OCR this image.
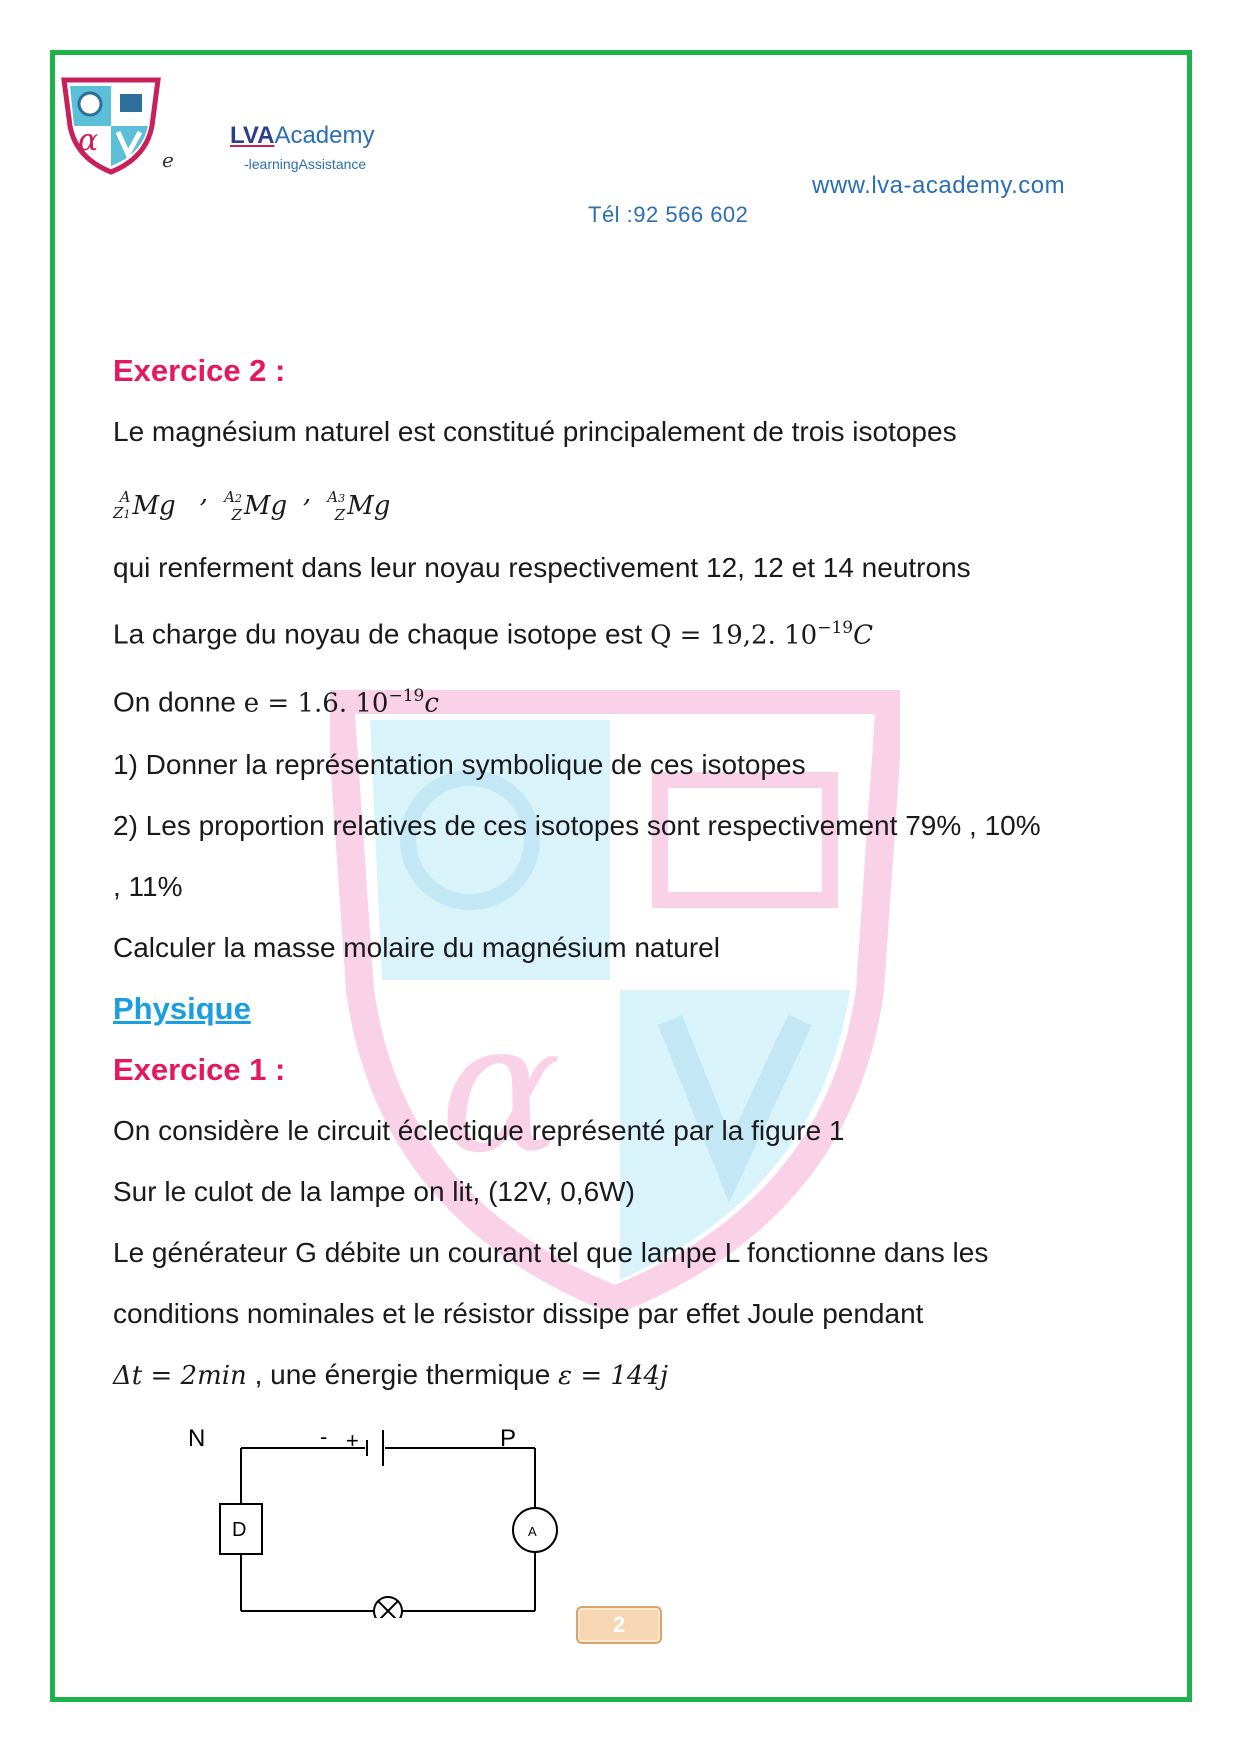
α
e
LVAAcademy
-learningAssistance
www.lva-academy.com
Tél :92 566 602
α

Exercice 2 :

Le magnésium naturel est constitué principalement de trois isotopes

A
Z1 Mg , A2
Z Mg , A3
Z Mg

qui renferment dans leur noyau respectivement 12, 12 et 14 neutrons

La charge du noyau de chaque isotope est Q = 19,2. $10^{-19}C$

On donne e = 1.6. $10^{-19}c$

1) Donner la représentation symbolique de ces isotopes

2) Les proportion relatives de ces isotopes sont respectivement 79% , 10%

, 11%

Calculer la masse molaire du magnésium naturel

Physique

Exercice 1 :

On considère le circuit éclectique représenté par la figure 1

Sur le culot de la lampe on lit, (12V, 0,6W)

Le générateur G débite un courant tel que lampe L fonctionne dans les

conditions nominales et le résistor dissipe par effet Joule pendant

Δt = 2min , une énergie thermique ε = 144j

N	P
- +
D	A
2
